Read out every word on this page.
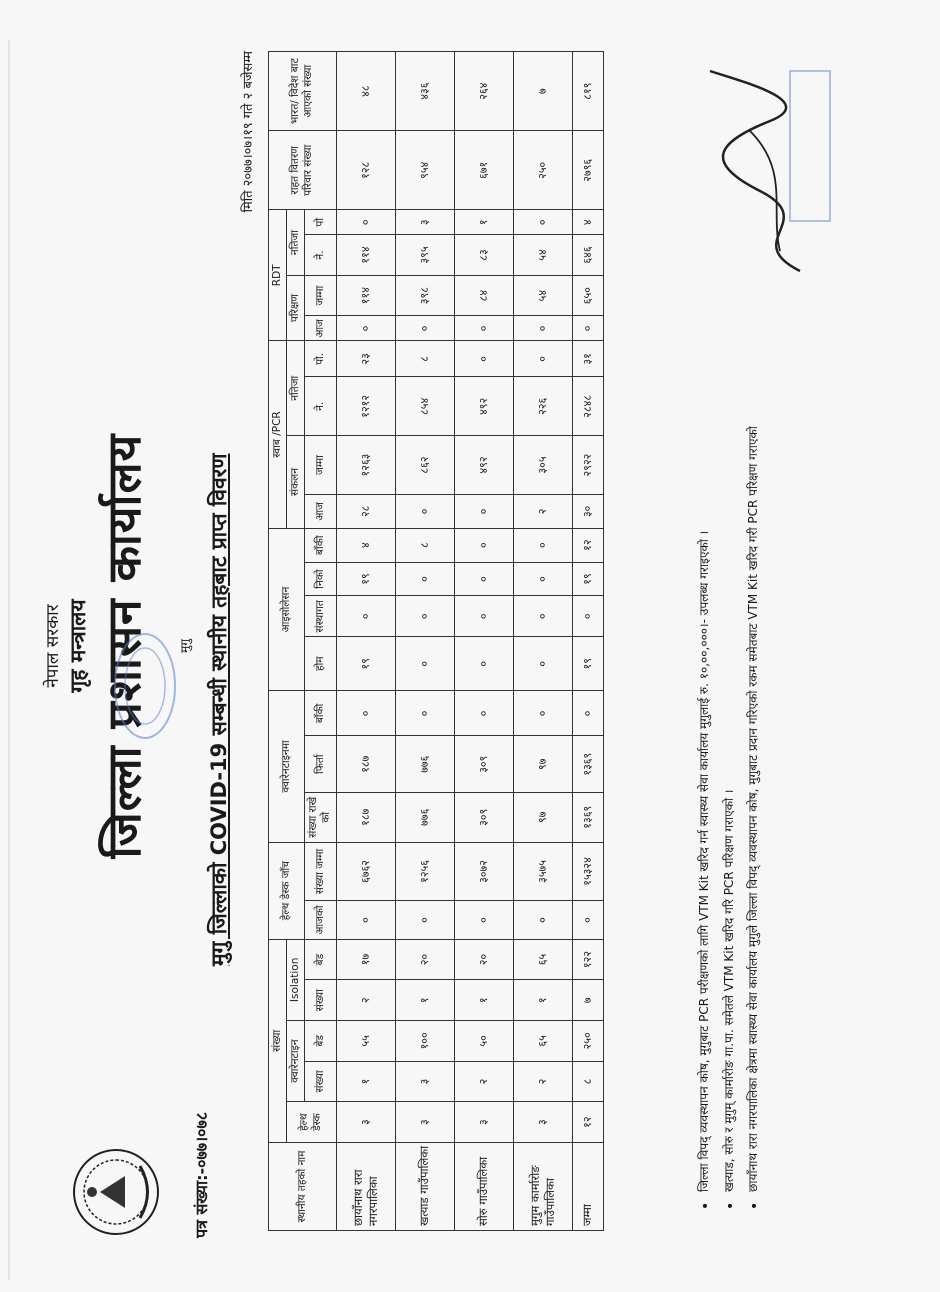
नेपाल सरकार गृह मन्त्रालय जिल्ला प्रशासन कार्यालय मुगु
पत्र संख्या:-०७७।०७८
मुगु जिल्लाको COVID-19 सम्बन्धी स्थानीय तहबाट प्राप्त विवरण
मिति २०७७।०७।१९ गते २ बजेसम्म
स्थानीय तहको नाम	संख्या					हेल्थ डेस्क जाँच		क्वारेनटाइनमा			आइसोलेसन				स्वाब /PCR				RDT				राहत वितरण परिवार संख्या	भारत/ विदेश बाट आएको संख्या
	हेल्थ डेस्क	क्वारेनटाइन		Isolation											संकलन		नतिजा		परिक्षण		नतिजा			
		संख्या	बेड	संख्या	बेड	आजको	संख्या जम्मा	संख्या राखे को	फिर्ता	बाँकी	होम	संस्थागत	निको	बाँकी	आज	जम्मा	ने.	पो.	आज	जम्मा	ने.	पो		
छायाँनाथ रारा नगरपालिका	३	१	५५	२	१७	०	६७६२	१८७	१८७	०	१९	०	१९	४	२८	१२६३	१२१२	२३	०	११४	११४	०	१२८	४८
खत्याड गाउँपालिका	३	३	१००	१	२०	०	१२५६	७७६	७७६	०	०	०	०	८	०	८६२	८५४	८	०	३९८	३९५	३	९५४	४३६
सोरु गाउँपालिका	३	२	५०	१	२०	०	३०७२	३०९	३०९	०	०	०	०	०	०	४९२	४९२	०	०	८४	८३	१	६७१	२६४
मुगुम कार्मारोङ गाउँपालिका	३	२	६५	१	६५	०	३५७५	९७	९७	०	०	०	०	०	२	३०५	२२६	०	०	५४	५४	०	२५०	७
जम्मा	१२	८	२५०	७	१२२	०	१५३२४	१३६९	१३६९	०	१९	०	१९	१२	३०	२९२२	२८४८	३१	०	६५०	६४६	४	२७९६	८१९
• जिल्ला विपद् व्यवस्थापन कोष, मुगुबाट PCR परीक्षणको लागि VTM Kit खरिद गर्न स्वास्थ्य सेवा कार्यालय मुगुलाई रु. १०,००,०००।- उपलब्ध गराइएको । • खत्याड, सोरु र मुगुम् कार्मारोङ गा.पा. समेतले VTM Kit खरिद गरि PCR परिक्षण गराएको । • छायाँनाथ रारा नगरपालिका क्षेत्रमा स्वास्थ्य सेवा कार्यालय मुगुले जिल्ला विपद् व्यवस्थापन कोष, मुगुबाट प्रदान गरिएको रकम समेतबाट VTM Kit खरिद गरी PCR परिक्षण गराएको
